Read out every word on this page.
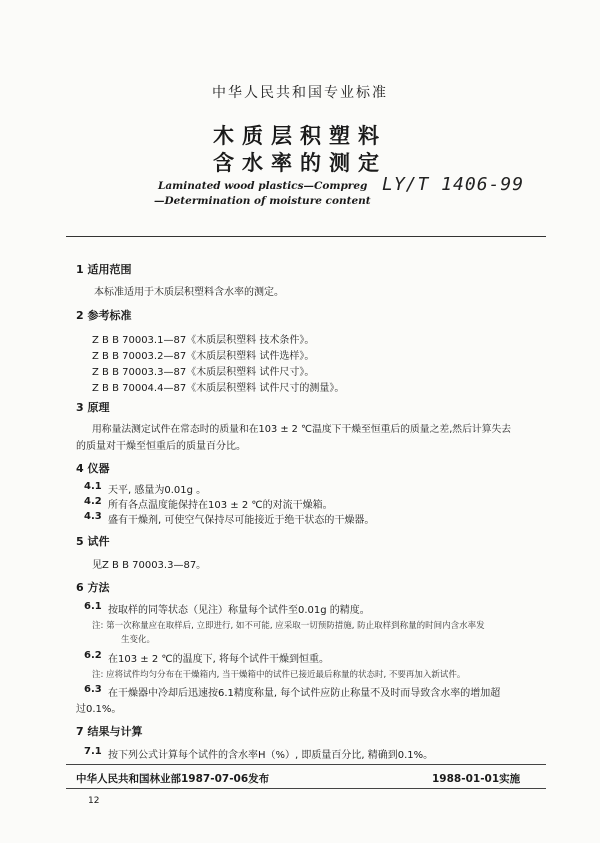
中华人民共和国专业标准
木质层积塑料
含水率的测定
Laminated wood plastics—Compreg
—Determination of moisture content
LY/T 1406-99
1 适用范围
本标准适用于木质层积塑料含水率的测定。
2 参考标准
Z B B 70003.1—87《木质层积塑料 技术条件》。
Z B B 70003.2—87《木质层积塑料 试件选样》。
Z B B 70003.3—87《木质层积塑料 试件尺寸》。
Z B B 70004.4—87《木质层积塑料 试件尺寸的测量》。
3 原理
用称量法测定试件在常态时的质量和在103 ± 2 ℃温度下干燥至恒重后的质量之差,然后计算失去
的质量对干燥至恒重后的质量百分比。
4 仪器
4.1 天平, 感量为0.01g 。
4.2 所有各点温度能保持在103 ± 2 ℃的对流干燥箱。
4.3 盛有干燥剂, 可使空气保持尽可能接近于绝干状态的干燥器。
5 试件
见Z B B 70003.3—87。
6 方法
6.1 按取样的同等状态（见注）称量每个试件至0.01g 的精度。
注: 第一次称量应在取样后, 立即进行, 如不可能, 应采取一切预防措施, 防止取样到称量的时间内含水率发
生变化。
6.2 在103 ± 2 ℃的温度下, 将每个试件干燥到恒重。
注: 应将试件均匀分布在干燥箱内, 当干燥箱中的试件已接近最后称量的状态时, 不要再加入新试件。
6.3 在干燥器中冷却后迅速按6.1精度称量, 每个试件应防止称量不及时而导致含水率的增加超
过0.1%。
7 结果与计算
7.1 按下列公式计算每个试件的含水率H（%）, 即质量百分比, 精确到0.1%。
中华人民共和国林业部1987-07-06发布	1988-01-01实施
12
